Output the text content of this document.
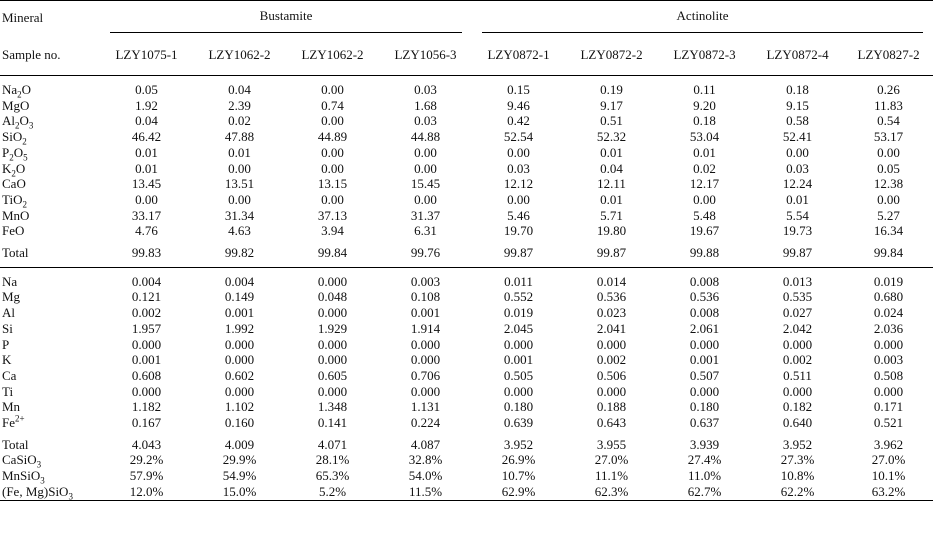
Mineral	Bustamite				Actinolite				

Sample no.	LZY1075-1	LZY1062-2	LZY1062-2	LZY1056-3	LZY0872-1	LZY0872-2	LZY0872-3	LZY0872-4	LZY0827-2

$Na_2O$	0.05	0.04	0.00	0.03	0.15	0.19	0.11	0.18	0.26
MgO	1.92	2.39	0.74	1.68	9.46	9.17	9.20	9.15	11.83
$Al_2O_3$	0.04	0.02	0.00	0.03	0.42	0.51	0.18	0.58	0.54
SiO$_2$	46.42	47.88	44.89	44.88	52.54	52.32	53.04	52.41	53.17
$P_2O_5$	0.01	0.01	0.00	0.00	0.00	0.01	0.01	0.00	0.00
$K_2O$	0.01	0.00	0.00	0.00	0.03	0.04	0.02	0.03	0.05
CaO	13.45	13.51	13.15	15.45	12.12	12.11	12.17	12.24	12.38
TiO$_2$	0.00	0.00	0.00	0.00	0.00	0.01	0.00	0.01	0.00
MnO	33.17	31.34	37.13	31.37	5.46	5.71	5.48	5.54	5.27
FeO	4.76	4.63	3.94	6.31	19.70	19.80	19.67	19.73	16.34

Total	99.83	99.82	99.84	99.76	99.87	99.87	99.88	99.87	99.84

Na	0.004	0.004	0.000	0.003	0.011	0.014	0.008	0.013	0.019
Mg	0.121	0.149	0.048	0.108	0.552	0.536	0.536	0.535	0.680
Al	0.002	0.001	0.000	0.001	0.019	0.023	0.008	0.027	0.024
Si	1.957	1.992	1.929	1.914	2.045	2.041	2.061	2.042	2.036
P	0.000	0.000	0.000	0.000	0.000	0.000	0.000	0.000	0.000
K	0.001	0.000	0.000	0.000	0.001	0.002	0.001	0.002	0.003
Ca	0.608	0.602	0.605	0.706	0.505	0.506	0.507	0.511	0.508
Ti	0.000	0.000	0.000	0.000	0.000	0.000	0.000	0.000	0.000
Mn	1.182	1.102	1.348	1.131	0.180	0.188	0.180	0.182	0.171
$Fe^{2+}$	0.167	0.160	0.141	0.224	0.639	0.643	0.637	0.640	0.521

Total	4.043	4.009	4.071	4.087	3.952	3.955	3.939	3.952	3.962
CaSiO$_3$	29.2%	29.9%	28.1%	32.8%	26.9%	27.0%	27.4%	27.3%	27.0%
MnSiO$_3$	57.9%	54.9%	65.3%	54.0%	10.7%	11.1%	11.0%	10.8%	10.1%
(Fe, Mg)SiO$_3$	12.0%	15.0%	5.2%	11.5%	62.9%	62.3%	62.7%	62.2%	63.2%
